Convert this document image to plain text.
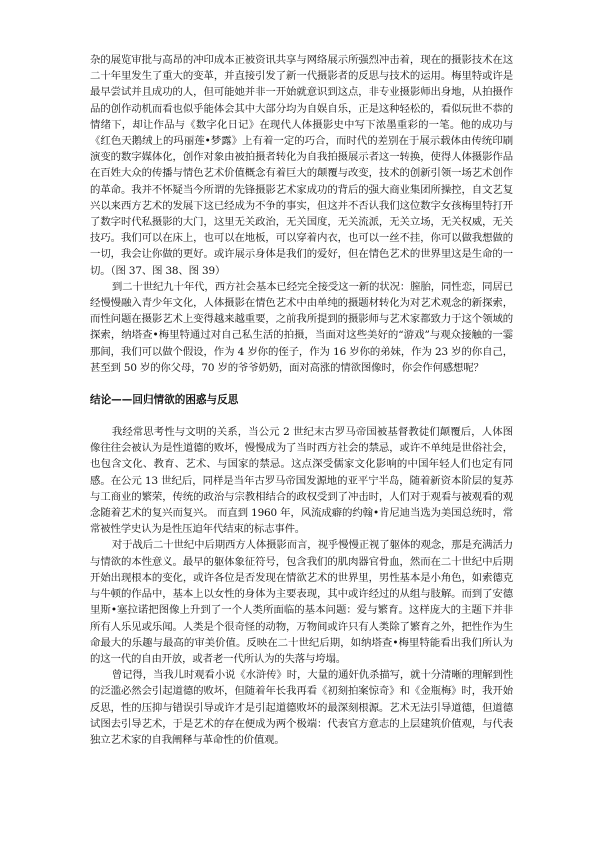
杂的展览审批与高昂的冲印成本正被资讯共享与网络展示所强烈冲击着，现在的摄影技术在这二十年里发生了重大的变革，并直接引发了新一代摄影者的反思与技术的运用。梅里特或许是最早尝试并且成功的人，但可能她并非一开始就意识到这点，非专业摄影师出身地，从拍摄作品的创作动机而看也似乎能体会其中大部分均为自娱自乐，正是这种轻松的，看似玩世不恭的情绪下，却让作品与《数字化日记》在现代人体摄影史中写下浓墨重彩的一笔。他的成功与《红色天鹅绒上的玛丽莲•梦露》上有着一定的巧合，而时代的差别在于展示载体由传统印刷演变的数字媒体化，创作对象由被拍摄者转化为自我拍摄展示者这一转换，使得人体摄影作品在百姓大众的传播与情色艺术价值概念有着巨大的颠覆与改变，技术的创新引领一场艺术创作的革命。我并不怀疑当今所谓的先锋摄影艺术家成功的背后的强大商业集团所操控，自文艺复兴以来西方艺术的发展下这已经成为不争的事实，但这并不否认我们这位数字女孩梅里特打开了数字时代私摄影的大门，这里无关政治，无关国度，无关流派，无关立场，无关权威，无关技巧。我们可以在床上，也可以在地板，可以穿着内衣，也可以一丝不挂，你可以做我想做的一切，我会让你做的更好。或许展示身体是我们的爱好，但在情色艺术的世界里这是生命的一切。（图 37、图 38、图 39）

到二十世纪九十年代，西方社会基本已经完全接受这一新的状况：膣胎，同性恋，同居已经慢慢融入青少年文化，人体摄影在情色艺术中由单纯的摄题材转化为对艺术观念的新探索，而性问题在摄影艺术上变得越来越重要，之前我所提到的摄影师与艺术家都致力于这个领域的探索，纳塔查•梅里特通过对自己私生活的拍摄，当面对这些美好的“游戏”与观众接触的一霎那间，我们可以做个假设，作为 4 岁你的侄子，作为 16 岁你的弟妹，作为 23 岁的你自己，甚至到 50 岁的你父母，70 岁的爷爷奶奶，面对高涨的情欲图像时，你会作何感想呢？

结论——回归情欲的困惑与反思

我经常思考性与文明的关系，当公元 2 世纪末古罗马帝国被基督教徒们颠覆后，人体图像往往会被认为是性道德的败坏，慢慢成为了当时西方社会的禁忌，或许不单纯是世俗社会，也包含文化、教育、艺术、与国家的禁忌。这点深受儒家文化影响的中国年轻人们也定有同感。在公元 13 世纪后，同样是当年古罗马帝国发源地的亚平宁半岛，随着新资本阶层的复苏与工商业的繁荣，传统的政治与宗教相结合的政权受到了冲击时，人们对于观看与被观看的观念随着艺术的复兴而复兴。 而直到 1960 年，风流成癖的约翰•肯尼迪当选为美国总统时，常常被性学史认为是性压迫年代结束的标志事件。

对于战后二十世纪中后期西方人体摄影而言，视乎慢慢正视了躯体的观念，那是充满活力与情欲的本性意义。最早的躯体象征符号，包含我们的肌肉器官骨血，然而在二十世纪中后期开始出现根本的变化，或许各位是否发现在情欲艺术的世界里，男性基本是小角色，如索德克与牛顿的作品中，基本上以女性的身体为主要表现，其中或许经过的从组与肢解。而到了安德里斯•塞拉诺把图像上升到了一个人类所面临的基本问题：爱与繁育。这样庞大的主题下并非所有人乐见或乐闻。人类是个很奇怪的动物，万物间或许只有人类除了繁育之外，把性作为生命最大的乐趣与最高的审美价值。反映在二十世纪后期，如纳塔查•梅里特能看出我们所认为的这一代的自由开放，或者老一代所认为的失落与垮塌。

曾记得，当我儿时观看小说《水浒传》时，大量的通奸仇杀描写，就十分清晰的理解到性的泛滥必然会引起道德的败坏，但随着年长我再看《初刻拍案惊奇》和《金瓶梅》时，我开始反思，性的压抑与错误引导或许才是引起道德败坏的最深刻根源。艺术无法引导道德，但道德试图去引导艺术，于是艺术的存在便成为两个极端：代表官方意志的上层建筑价值观，与代表独立艺术家的自我阐释与革命性的价值观。
